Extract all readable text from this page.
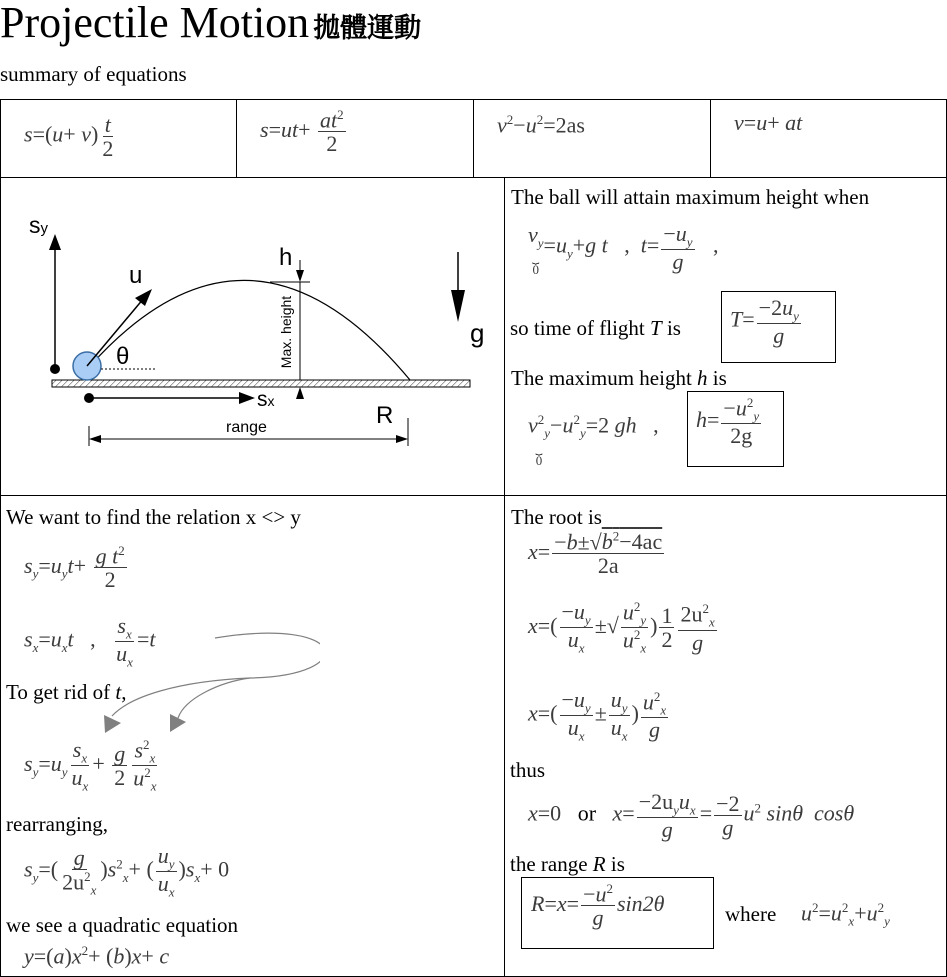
Projectile Motion 拋體運動
summary of equations
$s=(u+ v) \frac{t}{2}$	$s=ut+ \frac{at^2}{2}$	$v^2-u^2=2as$	v=u+ at
sy
u
θ
h
g
R
sx
range
Max. height
The ball will attain maximum height when
$v_y$
⏟
0
$=u_y+g$ t   ,  $t= \frac{-u_y}{g}$ ,
so time of flight T is $T= \frac{-2u_y}{g}$
The maximum height h is
$v^2_y$
⏟
0
$-u^2_y=2$ gh   , $h= \frac{-u^2_y}{2g}$
We want to find the relation x <> y
$s_y=u_yt+ \frac{g t^2}{2}$
$s_x=u_xt$   , $\frac{s_x}{u_x} =t$
To get rid of t,
$s_y=u_y \frac{s_x}{u_x} + \frac{g}{2} \frac{s^2_x}{u^2_x}$
rearranging,
$s_y=( \frac{g}{2u^2_x} )s^2_x+$ ( $\frac{u_y}{u_x} )s_x+ 0$
we see a quadratic equation
$y=(a)x^2+ (b)x+ c$
The root is
$x= \frac{-b\pm√b^2-4ac}{2a}$
$x=( \frac{-u_y}{u_x}$ ±√ $\frac{u^2_y}{u^2_x}$ ) $\frac{1}{2} \frac{2u^2_x}{g}$
$x=( \frac{-u_y}{u_x} \pm \frac{u_y}{u_x}$ ) $\frac{u^2_x}{g}$
thus
x=0   or $x= \frac{-2u_yu_x}{g} = \frac{-2}{g} u^2$ sinθ cosθ
the range R is
$R=x= \frac{-u^2}{g} \sin 2\theta$	where $u^2=u^2_x+u^2_y$
